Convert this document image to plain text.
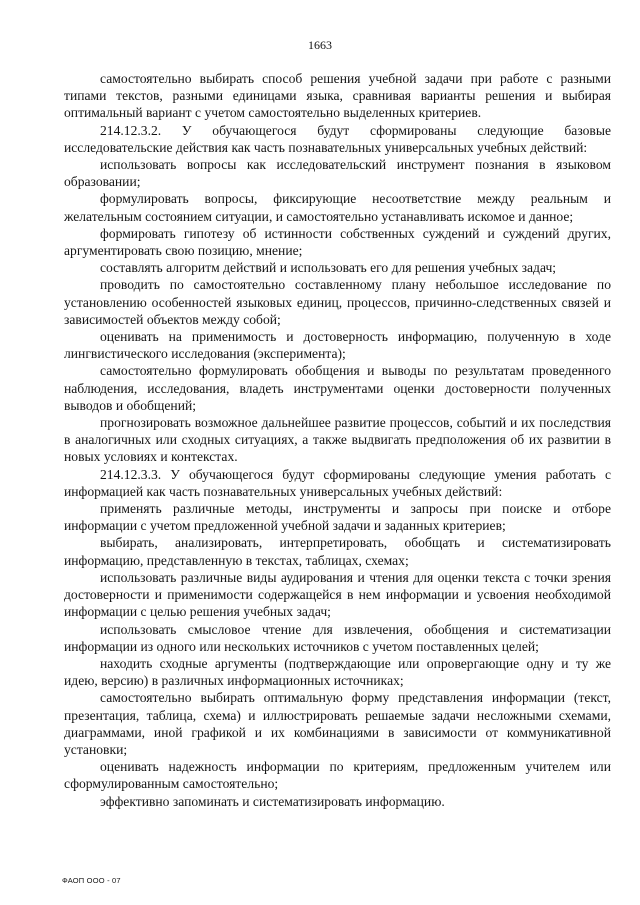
1663

самостоятельно выбирать способ решения учебной задачи при работе с разными типами текстов, разными единицами языка, сравнивая варианты решения и выбирая оптимальный вариант с учетом самостоятельно выделенных критериев.

214.12.3.2. У обучающегося будут сформированы следующие базовые исследовательские действия как часть познавательных универсальных учебных действий:

использовать вопросы как исследовательский инструмент познания в языковом образовании;

формулировать вопросы, фиксирующие несоответствие между реальным и желательным состоянием ситуации, и самостоятельно устанавливать искомое и данное;

формировать гипотезу об истинности собственных суждений и суждений других, аргументировать свою позицию, мнение;

составлять алгоритм действий и использовать его для решения учебных задач;

проводить по самостоятельно составленному плану небольшое исследование по установлению особенностей языковых единиц, процессов, причинно-следственных связей и зависимостей объектов между собой;

оценивать на применимость и достоверность информацию, полученную в ходе лингвистического исследования (эксперимента);

самостоятельно формулировать обобщения и выводы по результатам проведенного наблюдения, исследования, владеть инструментами оценки достоверности полученных выводов и обобщений;

прогнозировать возможное дальнейшее развитие процессов, событий и их последствия в аналогичных или сходных ситуациях, а также выдвигать предположения об их развитии в новых условиях и контекстах.

214.12.3.3. У обучающегося будут сформированы следующие умения работать с информацией как часть познавательных универсальных учебных действий:

применять различные методы, инструменты и запросы при поиске и отборе информации с учетом предложенной учебной задачи и заданных критериев;

выбирать, анализировать, интерпретировать, обобщать и систематизировать информацию, представленную в текстах, таблицах, схемах;

использовать различные виды аудирования и чтения для оценки текста с точки зрения достоверности и применимости содержащейся в нем информации и усвоения необходимой информации с целью решения учебных задач;

использовать смысловое чтение для извлечения, обобщения и систематизации информации из одного или нескольких источников с учетом поставленных целей;

находить сходные аргументы (подтверждающие или опровергающие одну и ту же идею, версию) в различных информационных источниках;

самостоятельно выбирать оптимальную форму представления информации (текст, презентация, таблица, схема) и иллюстрировать решаемые задачи несложными схемами, диаграммами, иной графикой и их комбинациями в зависимости от коммуникативной установки;

оценивать надежность информации по критериям, предложенным учителем или сформулированным самостоятельно;

эффективно запоминать и систематизировать информацию.

ФАОП ООО - 07
